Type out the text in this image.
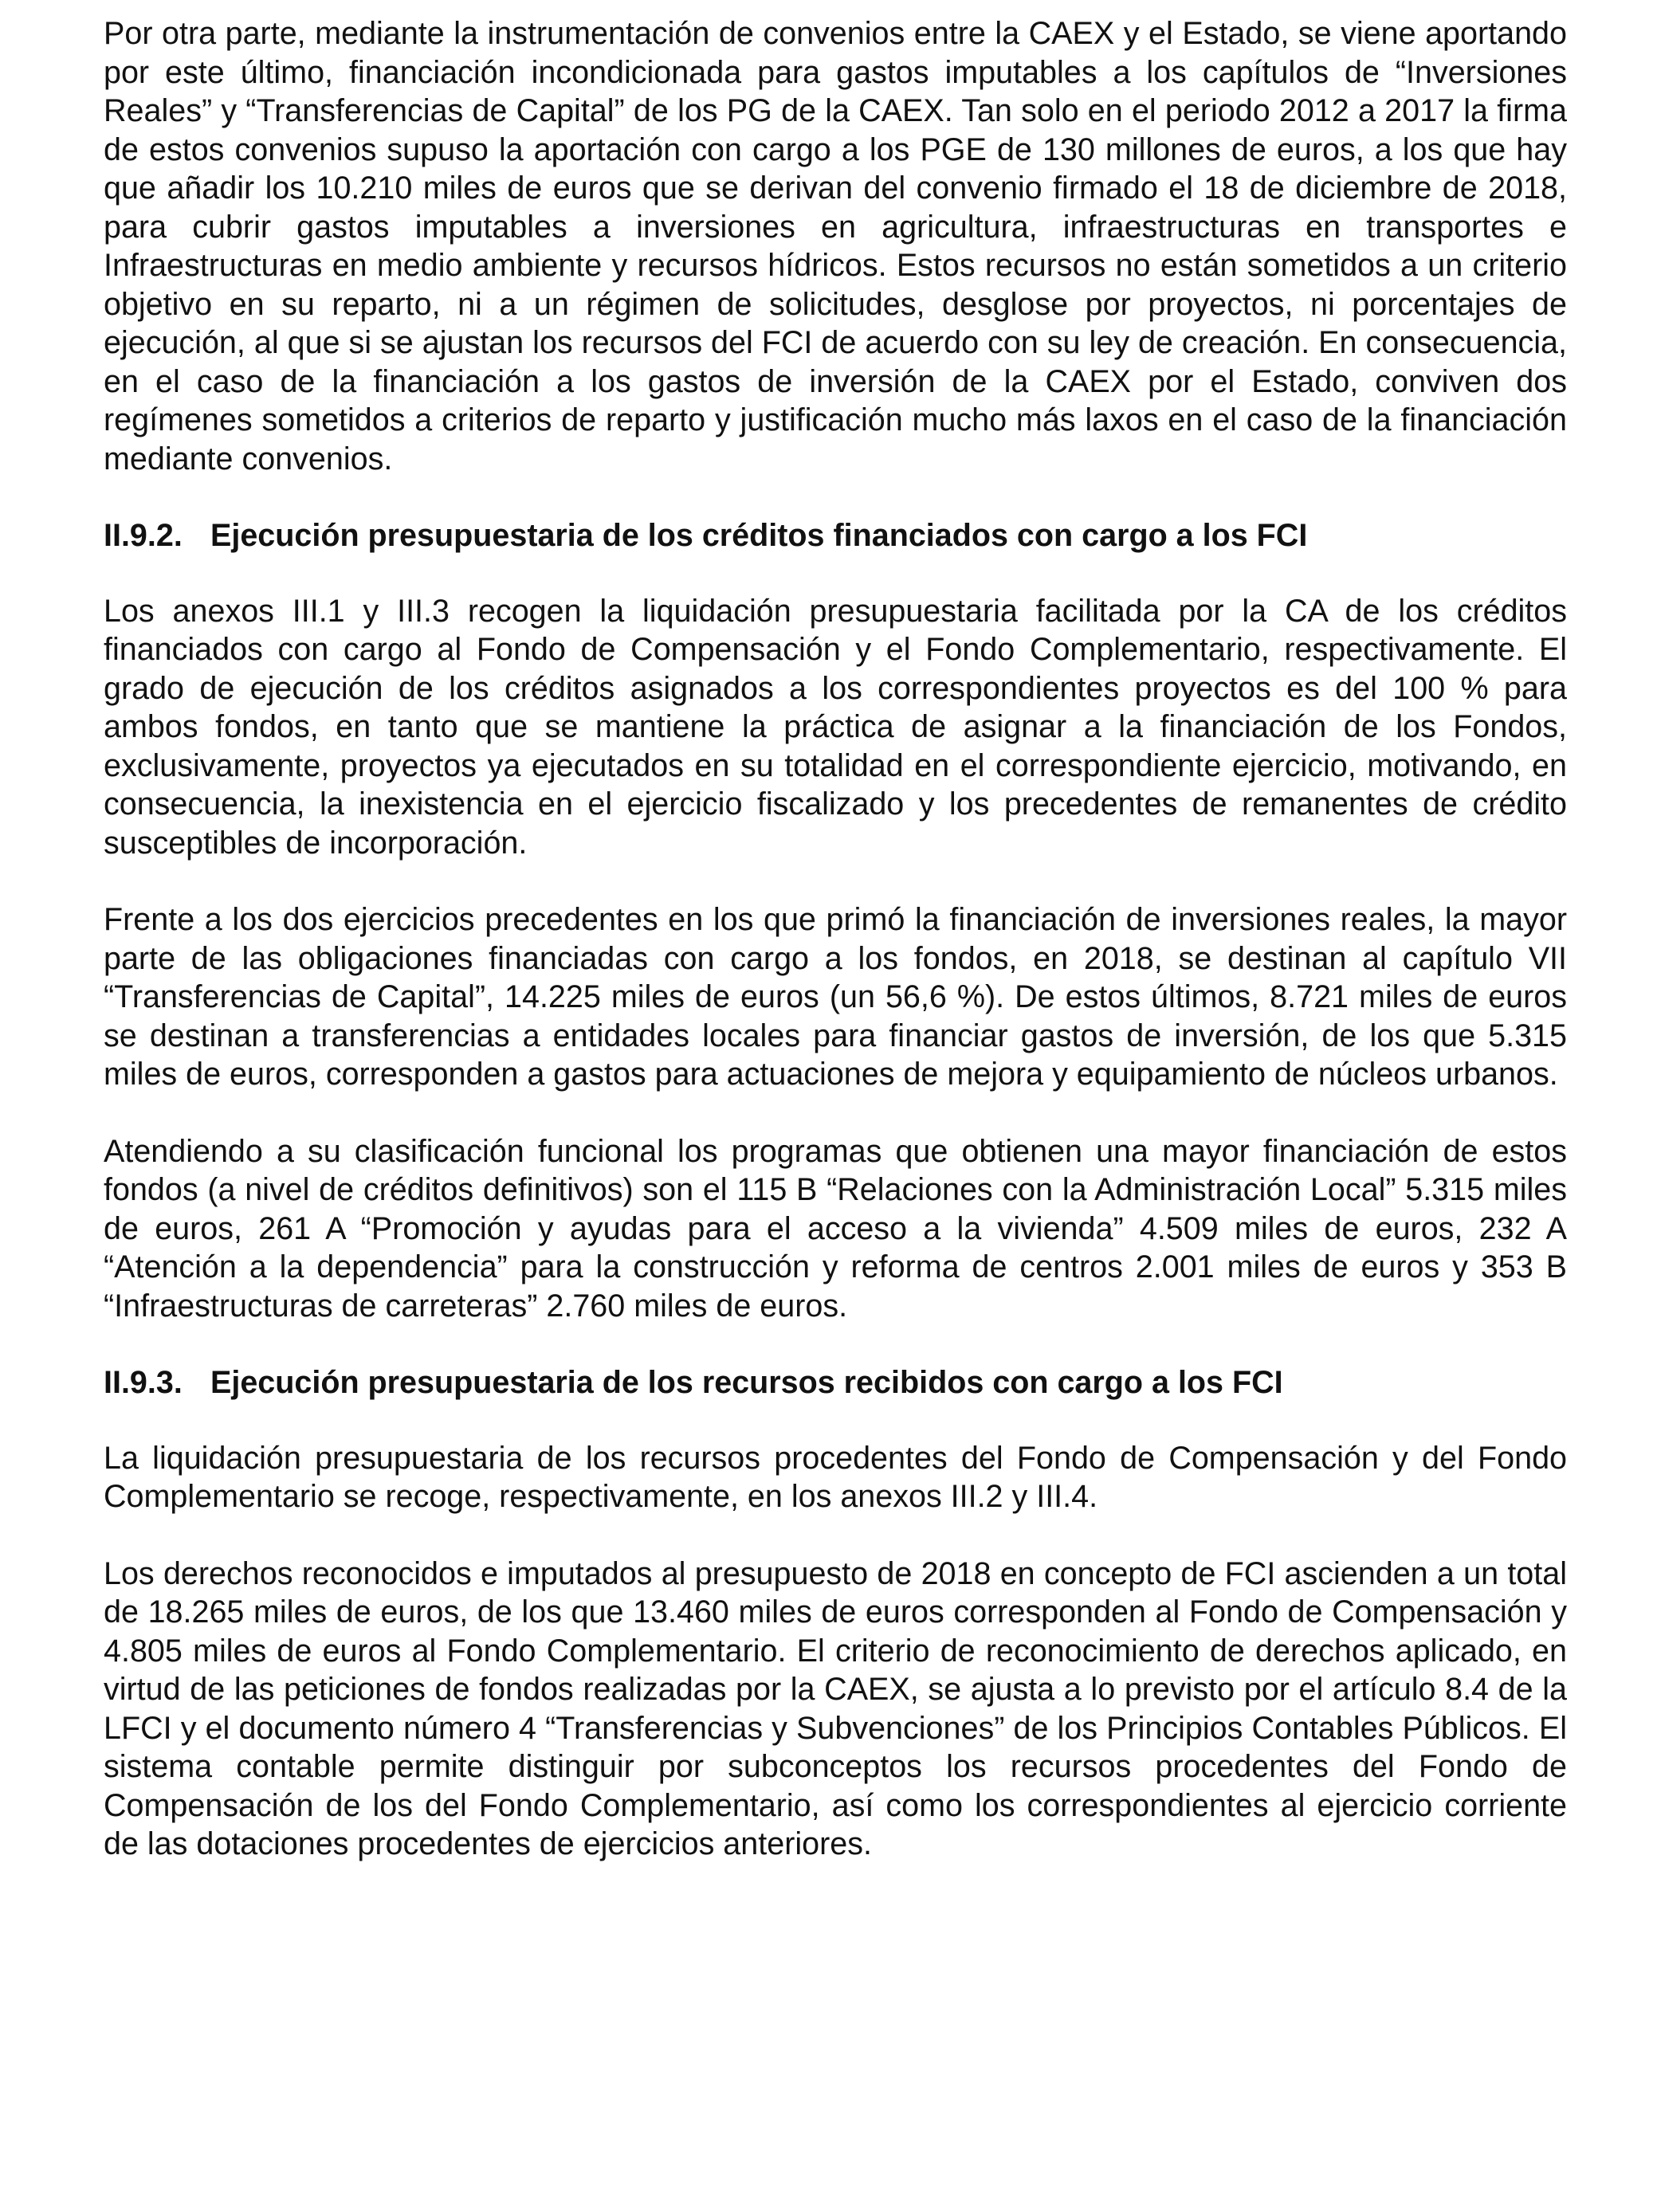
Por otra parte, mediante la instrumentación de convenios entre la CAEX y el Estado, se viene aportando por este último, financiación incondicionada para gastos imputables a los capítulos de “Inversiones Reales” y “Transferencias de Capital” de los PG de la CAEX. Tan solo en el periodo 2012 a 2017 la firma de estos convenios supuso la aportación con cargo a los PGE de 130 millones de euros, a los que hay que añadir los 10.210 miles de euros que se derivan del convenio firmado el 18 de diciembre de 2018, para cubrir gastos imputables a inversiones en agricultura, infraestructuras en transportes e Infraestructuras en medio ambiente y recursos hídricos. Estos recursos no están sometidos a un criterio objetivo en su reparto, ni a un régimen de solicitudes, desglose por proyectos, ni porcentajes de ejecución, al que si se ajustan los recursos del FCI de acuerdo con su ley de creación. En consecuencia, en el caso de la financiación a los gastos de inversión de la CAEX por el Estado, conviven dos regímenes sometidos a criterios de reparto y justificación mucho más laxos en el caso de la financiación mediante convenios.

II.9.2. Ejecución presupuestaria de los créditos financiados con cargo a los FCI

Los anexos III.1 y III.3 recogen la liquidación presupuestaria facilitada por la CA de los créditos financiados con cargo al Fondo de Compensación y el Fondo Complementario, respectivamente. El grado de ejecución de los créditos asignados a los correspondientes proyectos es del 100 % para ambos fondos, en tanto que se mantiene la práctica de asignar a la financiación de los Fondos, exclusivamente, proyectos ya ejecutados en su totalidad en el correspondiente ejercicio, motivando, en consecuencia, la inexistencia en el ejercicio fiscalizado y los precedentes de remanentes de crédito susceptibles de incorporación.

Frente a los dos ejercicios precedentes en los que primó la financiación de inversiones reales, la mayor parte de las obligaciones financiadas con cargo a los fondos, en 2018, se destinan al capítulo VII “Transferencias de Capital”, 14.225 miles de euros (un 56,6 %). De estos últimos, 8.721 miles de euros se destinan a transferencias a entidades locales para financiar gastos de inversión, de los que 5.315 miles de euros, corresponden a gastos para actuaciones de mejora y equipamiento de núcleos urbanos.

Atendiendo a su clasificación funcional los programas que obtienen una mayor financiación de estos fondos (a nivel de créditos definitivos) son el 115 B “Relaciones con la Administración Local” 5.315 miles de euros, 261 A “Promoción y ayudas para el acceso a la vivienda” 4.509 miles de euros, 232 A “Atención a la dependencia” para la construcción y reforma de centros 2.001 miles de euros y 353 B “Infraestructuras de carreteras” 2.760 miles de euros.

II.9.3. Ejecución presupuestaria de los recursos recibidos con cargo a los FCI

La liquidación presupuestaria de los recursos procedentes del Fondo de Compensación y del Fondo Complementario se recoge, respectivamente, en los anexos III.2 y III.4.

Los derechos reconocidos e imputados al presupuesto de 2018 en concepto de FCI ascienden a un total de 18.265 miles de euros, de los que 13.460 miles de euros corresponden al Fondo de Compensación y 4.805 miles de euros al Fondo Complementario. El criterio de reconocimiento de derechos aplicado, en virtud de las peticiones de fondos realizadas por la CAEX, se ajusta a lo previsto por el artículo 8.4 de la LFCI y el documento número 4 “Transferencias y Subvenciones” de los Principios Contables Públicos. El sistema contable permite distinguir por subconceptos los recursos procedentes del Fondo de Compensación de los del Fondo Complementario, así como los correspondientes al ejercicio corriente de las dotaciones procedentes de ejercicios anteriores.
